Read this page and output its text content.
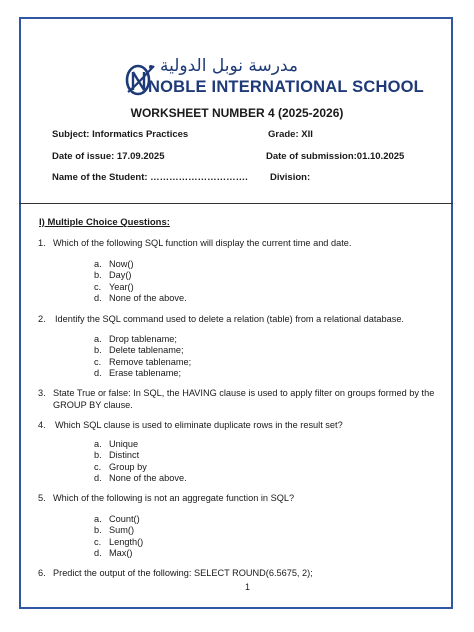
مدرسة نوبل الدولية
NOBLE INTERNATIONAL SCHOOL
WORKSHEET NUMBER 4 (2025-2026)
Subject: Informatics Practices	Grade: XII
Date of issue: 17.09.2025	Date of submission:01.10.2025
Name of the Student: …………………………. Division:
I) Multiple Choice Questions:
1. Which of the following SQL function will display the current time and date.
a. Now()
b. Day()
c. Year()
d. None of the above.
2. Identify the SQL command used to delete a relation (table) from a relational database.
a. Drop tablename;
b. Delete tablename;
c. Remove tablename;
d. Erase tablename;
3. State True or false: In SQL, the HAVING clause is used to apply filter on groups formed by the
GROUP BY clause.
4. Which SQL clause is used to eliminate duplicate rows in the result set?
a. Unique
b. Distinct
c. Group by
d. None of the above.
5. Which of the following is not an aggregate function in SQL?
a. Count()
b. Sum()
c. Length()
d. Max()
6. Predict the output of the following: SELECT ROUND(6.5675, 2);
1
